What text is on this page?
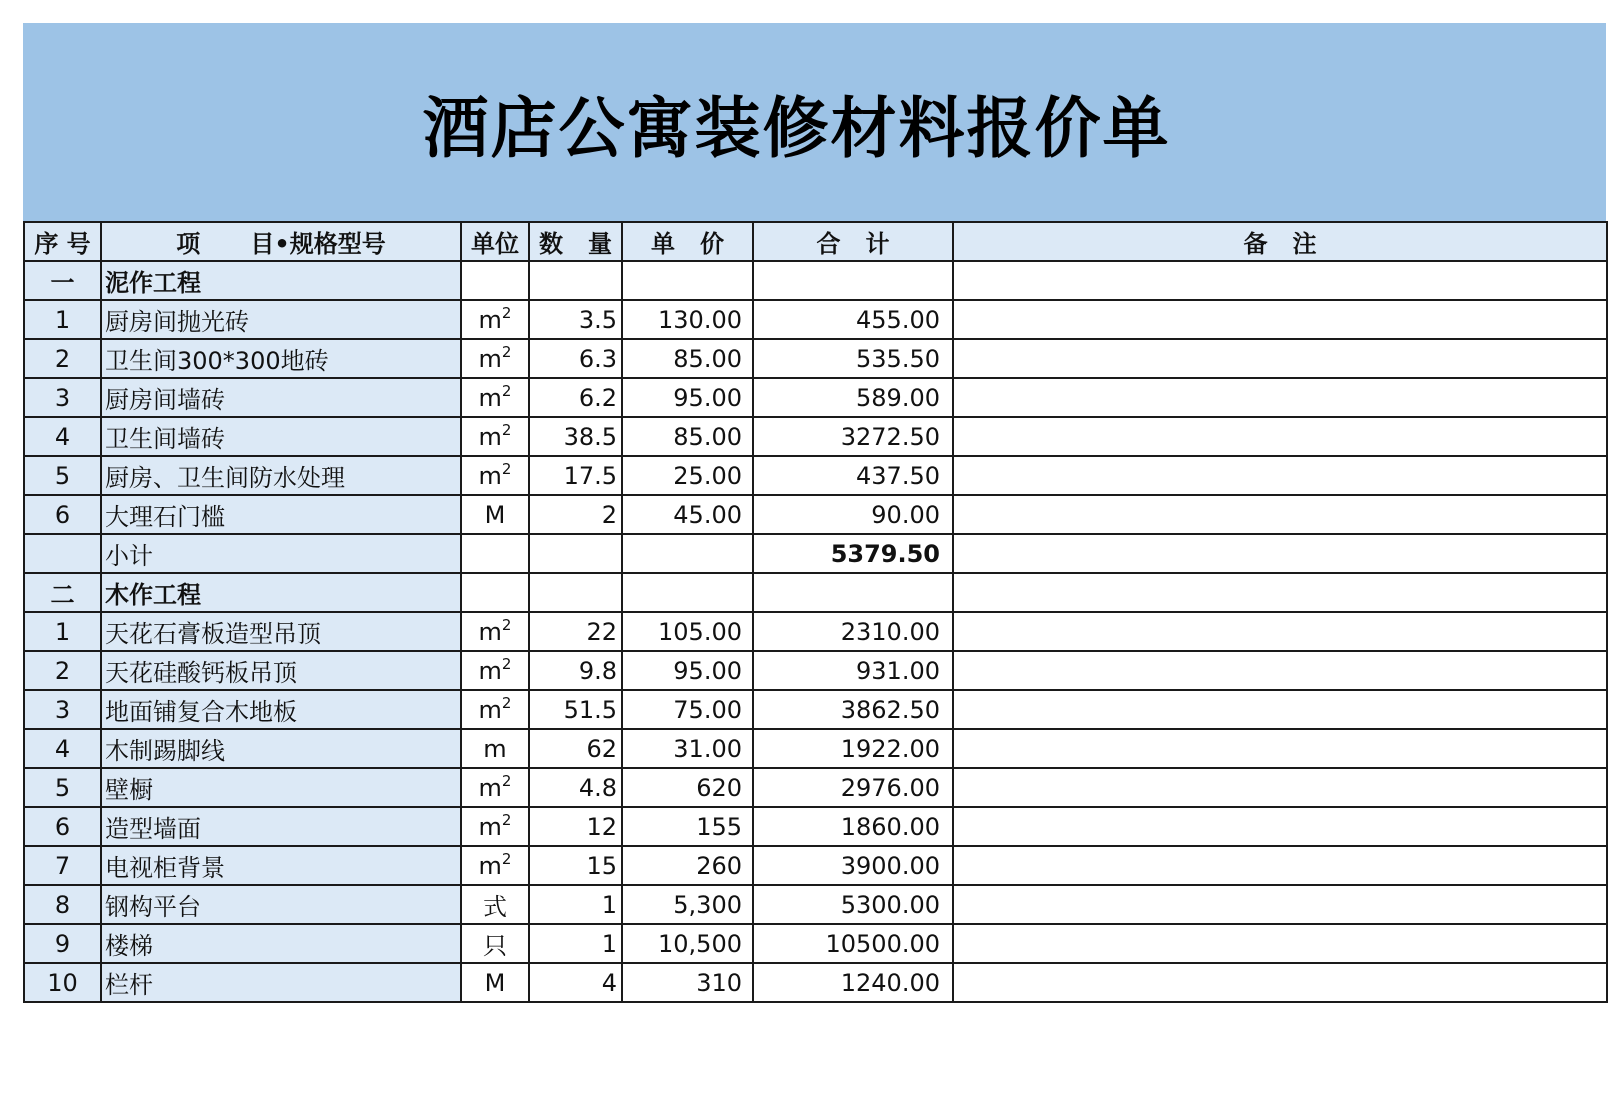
酒店公寓装修材料报价单
序 号	项      目•规格型号	单位	数   量	单   价	合   计	备   注
一	泥作工程					
1	厨房间抛光砖	$m^2$	3.5	130.00	455.00	
2	卫生间300*300地砖	$m^2$	6.3	85.00	535.50	
3	厨房间墙砖	$m^2$	6.2	95.00	589.00	
4	卫生间墙砖	$m^2$	38.5	85.00	3272.50	
5	厨房、卫生间防水处理	$m^2$	17.5	25.00	437.50	
6	大理石门槛	M	2	45.00	90.00	
	小计				5379.50	
二	木作工程					
1	天花石膏板造型吊顶	$m^2$	22	105.00	2310.00	
2	天花硅酸钙板吊顶	$m^2$	9.8	95.00	931.00	
3	地面铺复合木地板	$m^2$	51.5	75.00	3862.50	
4	木制踢脚线	m	62	31.00	1922.00	
5	壁橱	$m^2$	4.8	620	2976.00	
6	造型墙面	$m^2$	12	155	1860.00	
7	电视柜背景	$m^2$	15	260	3900.00	
8	钢构平台	式	1	5,300	5300.00	
9	楼梯	只	1	10,500	10500.00	
10	栏杆	M	4	310	1240.00	
